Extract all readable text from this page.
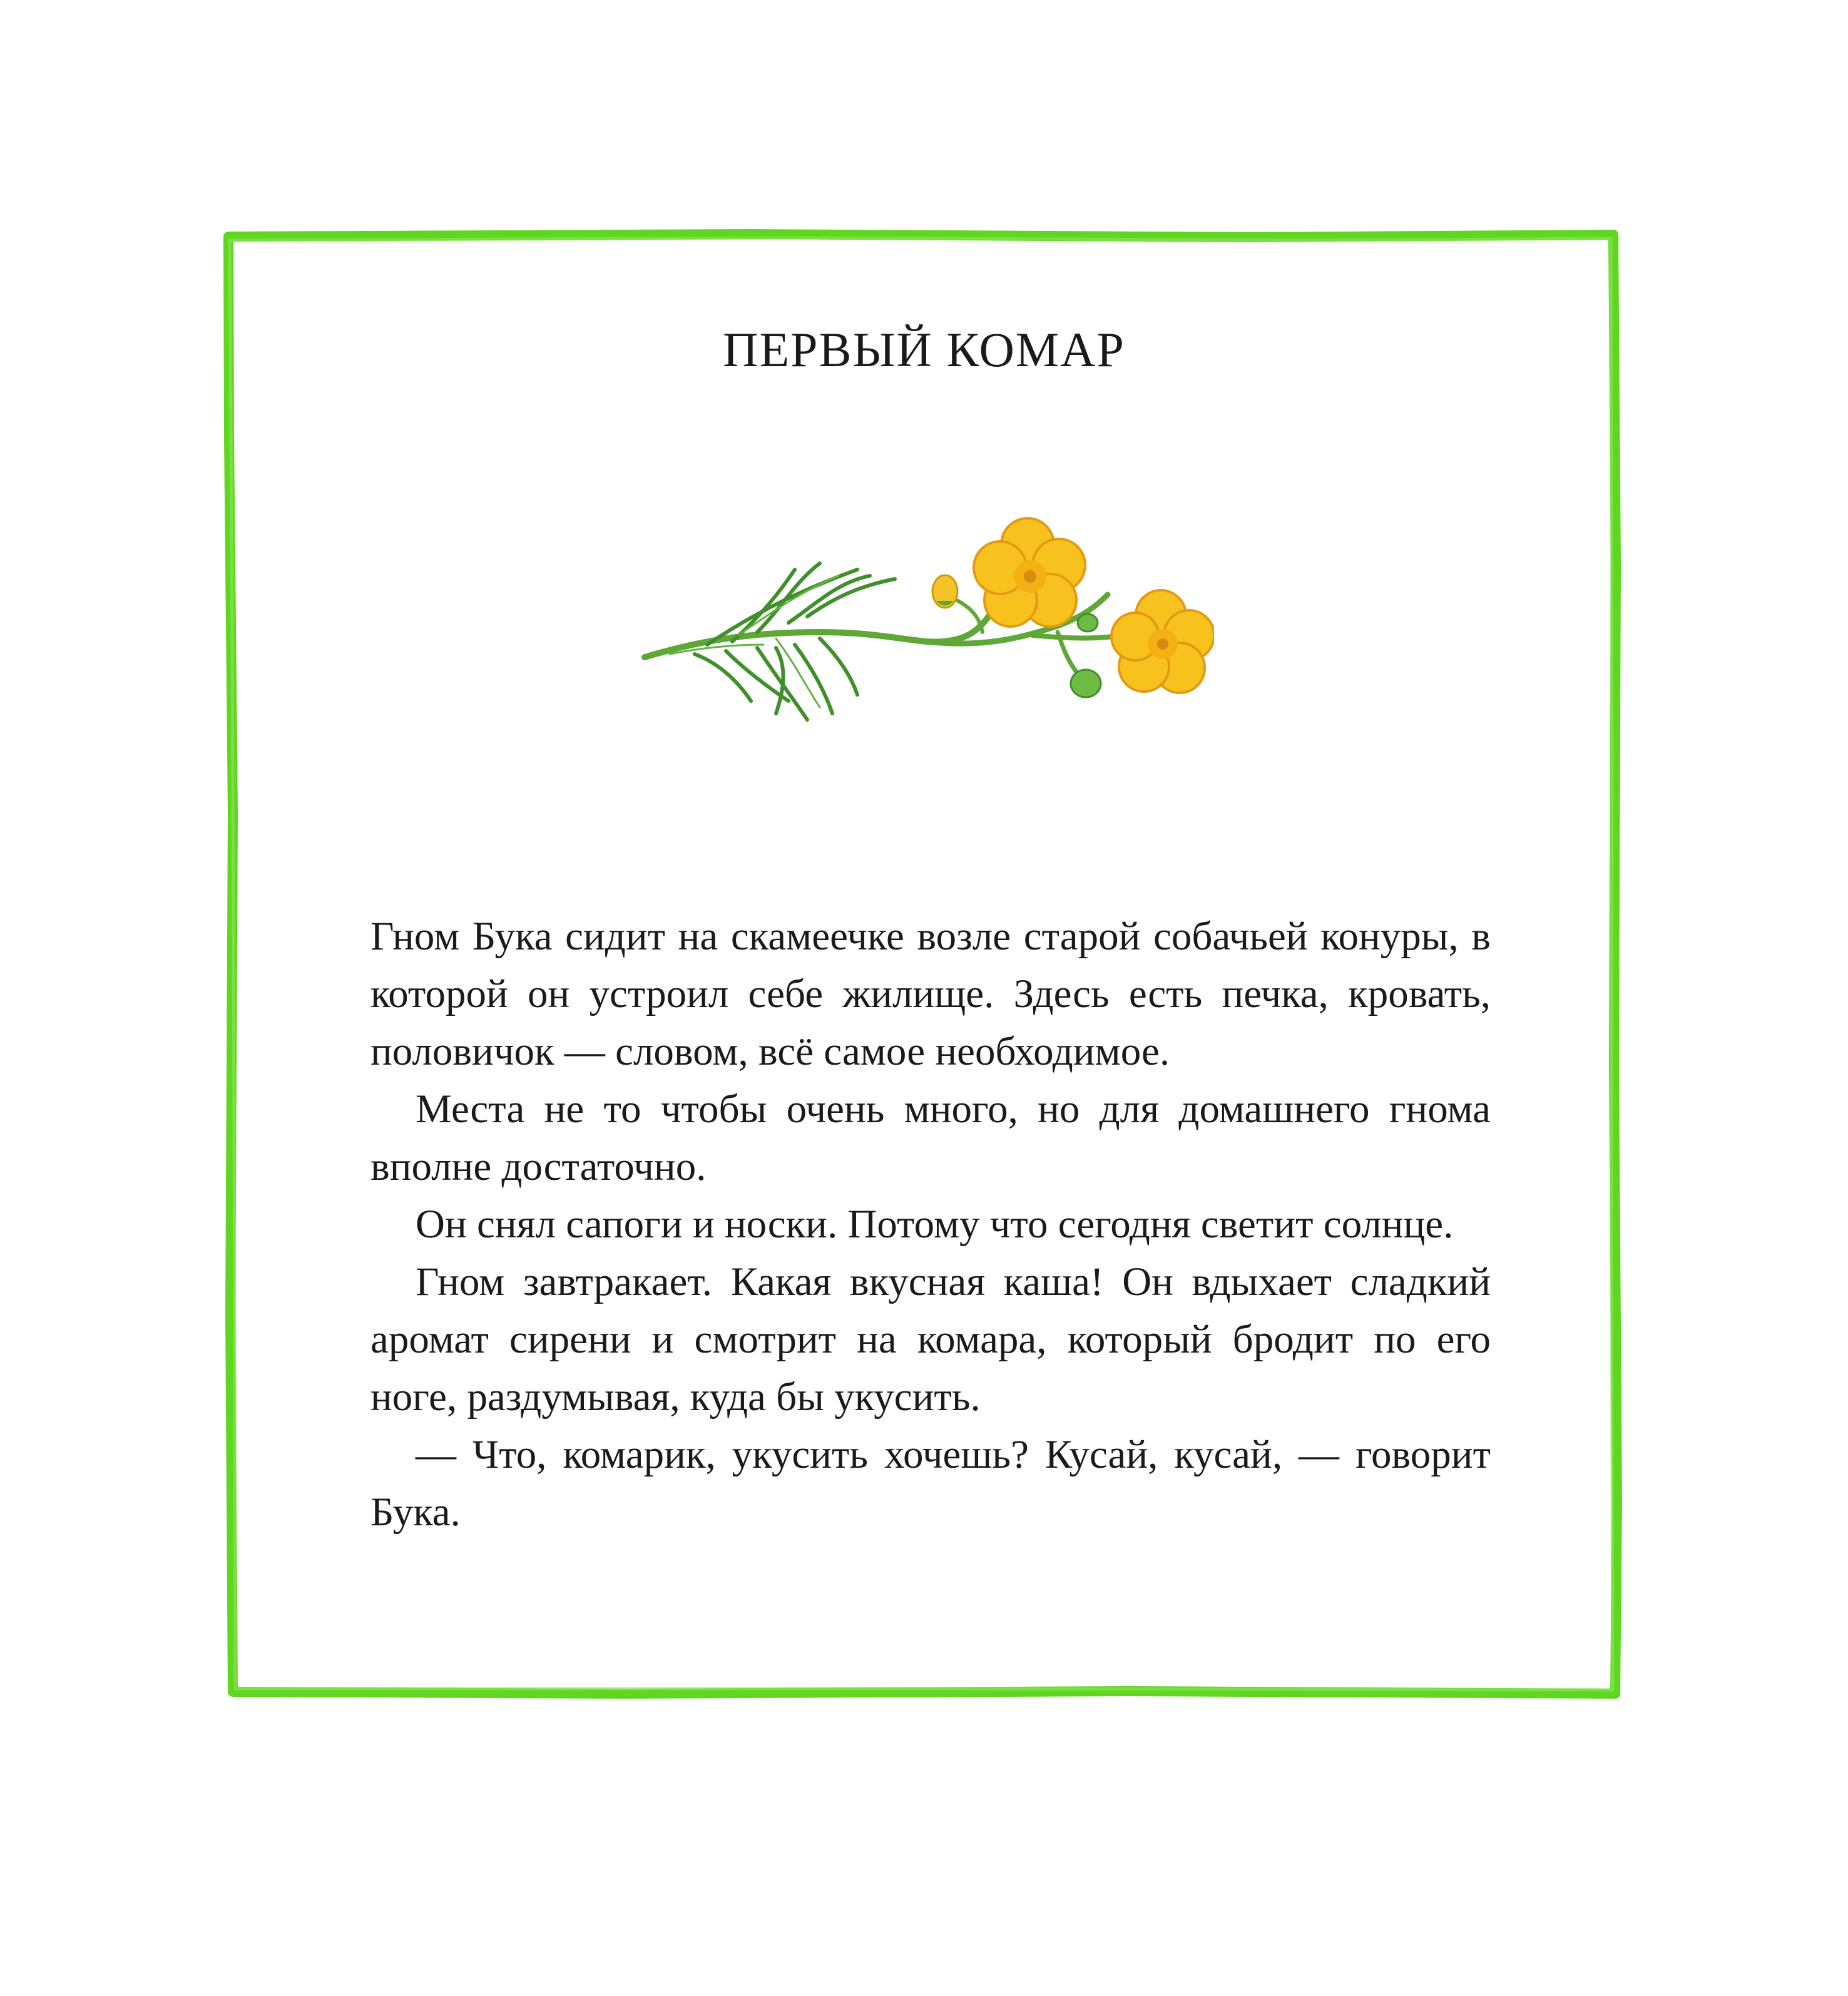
ПЕРВЫЙ КОМАР

Гном Бука сидит на скамеечке возле старой собачьей конуры, в которой он устроил себе жилище. Здесь есть печка, кровать, половичок — словом, всё самое необходимое.

Места не то чтобы очень много, но для домашнего гнома вполне достаточно.

Он снял сапоги и носки. Потому что сегодня светит солнце.

Гном завтракает. Какая вкусная каша! Он вдыхает сладкий аромат сирени и смотрит на комара, который бродит по его ноге, раздумывая, куда бы укусить.

— Что, комарик, укусить хочешь? Кусай, кусай, — говорит Бука.
